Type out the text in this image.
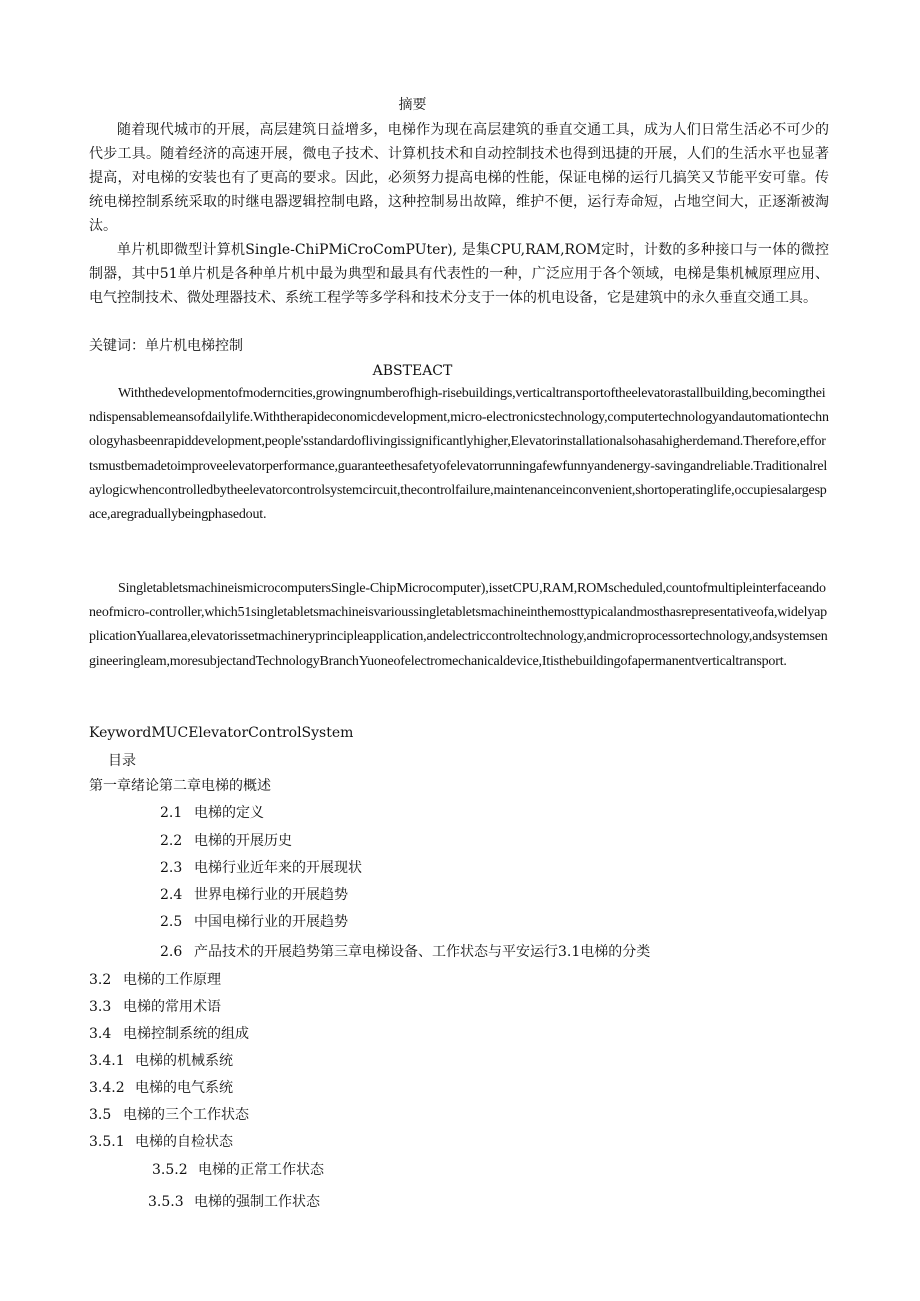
摘要

随着现代城市的开展，高层建筑日益增多，电梯作为现在高层建筑的垂直交通工具，成为人们日常生活必不可少的代步工具。随着经济的高速开展，微电子技术、计算机技术和自动控制技术也得到迅捷的开展，人们的生活水平也显著提高，对电梯的安装也有了更高的要求。因此，必须努力提高电梯的性能，保证电梯的运行几搞笑又节能平安可靠。传统电梯控制系统采取的时继电器逻辑控制电路，这种控制易出故障，维护不便，运行寿命短，占地空间大，正逐渐被淘汰。

单片机即微型计算机Single-ChiPMiCroComPUter), 是集CPU,RAM,ROM定时，计数的多种接口与一体的微控制器，其中51单片机是各种单片机中最为典型和最具有代表性的一种，广泛应用于各个领域，电梯是集机械原理应用、电气控制技术、微处理器技术、系统工程学等多学科和技术分支于一体的机电设备，它是建筑中的永久垂直交通工具。

关键词：单片机电梯控制

ABSTEACT

Withthedevelopmentofmoderncities,growingnumberofhigh-risebuildings,verticaltransportoftheelevatorastallbuilding,becomingtheindispensablemeansofdailylife.Withtherapideconomicdevelopment,micro-electronicstechnology,computertechnologyandautomationtechnologyhasbeenrapiddevelopment,people'sstandardoflivingissignificantlyhigher,Elevatorinstallationalsohasahigherdemand.Therefore,effortsmustbemadetoimproveelevatorperformance,guaranteethesafetyofelevatorrunningafewfunnyandenergy-savingandreliable.Traditionalrelaylogicwhencontrolledbytheelevatorcontrolsystemcircuit,thecontrolfailure,maintenanceinconvenient,shortoperatinglife,occupiesalargespace,aregraduallybeingphasedout.

SingletabletsmachineismicrocomputersSingle-ChipMicrocomputer),issetCPU,RAM,ROMscheduled,countofmultipleinterfaceandoneofmicro-controller,which51singletabletsmachineisvarioussingletabletsmachineinthemosttypicalandmosthasrepresentativeofa,widelyapplicationYuallarea,elevatorissetmachineryprincipleapplication,andelectriccontroltechnology,andmicroprocessortechnology,andsystemsengineeringleam,moresubjectandTechnologyBranchYuoneofelectromechanicaldevice,Itisthebuildingofapermanentverticaltransport.

KeywordMUCElevatorControlSystem

目录
第一章绪论第二章电梯的概述
2.1 电梯的定义
2.2 电梯的开展历史
2.3 电梯行业近年来的开展现状
2.4 世界电梯行业的开展趋势
2.5 中国电梯行业的开展趋势
2.6 产品技术的开展趋势第三章电梯设备、工作状态与平安运行3.1电梯的分类
3.2 电梯的工作原理
3.3 电梯的常用术语
3.4 电梯控制系统的组成
3.4.1 电梯的机械系统
3.4.2 电梯的电气系统
3.5 电梯的三个工作状态
3.5.1 电梯的自检状态
3.5.2 电梯的正常工作状态
3.5.3 电梯的强制工作状态
